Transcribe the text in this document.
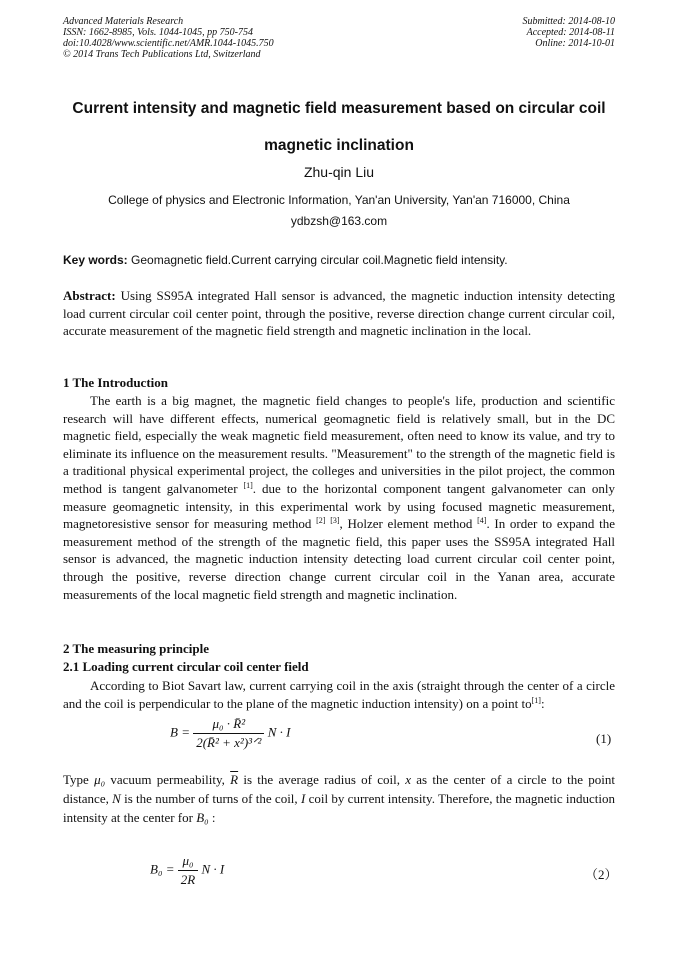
Advanced Materials Research
ISSN: 1662-8985, Vols. 1044-1045, pp 750-754
doi:10.4028/www.scientific.net/AMR.1044-1045.750
© 2014 Trans Tech Publications Ltd, Switzerland
Submitted: 2014-08-10
Accepted: 2014-08-11
Online: 2014-10-01
Current intensity and magnetic field measurement based on circular coil
magnetic inclination
Zhu-qin Liu
College of physics and Electronic Information, Yan'an University, Yan'an 716000, China
ydbzsh@163.com
Key words: Geomagnetic field.Current carrying circular coil.Magnetic field intensity.
Abstract: Using SS95A integrated Hall sensor is advanced, the magnetic induction intensity detecting load current circular coil center point, through the positive, reverse direction change current circular coil, accurate measurement of the magnetic field strength and magnetic inclination in the local.
1 The Introduction
The earth is a big magnet, the magnetic field changes to people's life, production and scientific research will have different effects, numerical geomagnetic field is relatively small, but in the DC magnetic field, especially the weak magnetic field measurement, often need to know its value, and try to eliminate its influence on the measurement results. "Measurement" to the strength of the magnetic field is a traditional physical experimental project, the colleges and universities in the pilot project, the common method is tangent galvanometer [1]. due to the horizontal component tangent galvanometer can only measure geomagnetic intensity, in this experimental work by using focused magnetic measurement, magnetoresistive sensor for measuring method [2] [3], Holzer element method [4]. In order to expand the measurement method of the strength of the magnetic field, this paper uses the SS95A integrated Hall sensor is advanced, the magnetic induction intensity detecting load current circular coil center point, through the positive, reverse direction change current circular coil in the Yanan area, accurate measurements of the local magnetic field strength and magnetic inclination.
2 The measuring principle
2.1 Loading current circular coil center field
According to Biot Savart law, current carrying coil in the axis (straight through the center of a circle and the coil is perpendicular to the plane of the magnetic induction intensity) on a point to[1]:
$B = \frac{\text{μ₀ · R̄²}}{\text{2(R̄² + x²)³ᐟ²}}$ N · I	(1)
Type μ₀ vacuum permeability, $\overline{R}$ is the average radius of coil, x as the center of a circle to the point distance, N is the number of turns of the coil, I coil by current intensity. Therefore, the magnetic induction intensity at the center for B₀ :
$B_0 = \frac{\text{μ₀}}{2R}$ N · I	（2）
